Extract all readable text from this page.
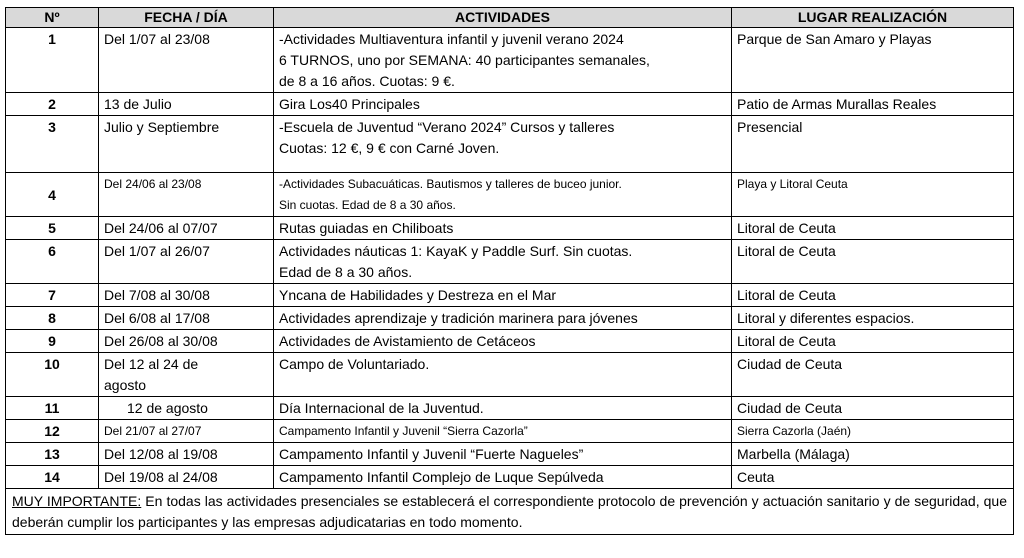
Nº	FECHA / DÍA	ACTIVIDADES	LUGAR REALIZACIÓN
1	Del 1/07 al 23/08	-Actividades Multiaventura infantil y juvenil verano 2024
6 TURNOS, uno por SEMANA: 40 participantes semanales,
de 8 a 16 años. Cuotas: 9 €.	Parque de San Amaro y Playas
2	13 de Julio	Gira Los40 Principales	Patio de Armas Murallas Reales
3	Julio y Septiembre	-Escuela de Juventud “Verano 2024” Cursos y talleres
Cuotas: 12 €, 9 € con Carné Joven.	Presencial
4	Del 24/06 al 23/08	-Actividades Subacuáticas. Bautismos y talleres de buceo junior.
Sin cuotas. Edad de 8 a 30 años.	Playa y Litoral Ceuta
5	Del 24/06 al 07/07	Rutas guiadas en Chiliboats	Litoral de Ceuta
6	Del 1/07 al 26/07	Actividades náuticas 1: KayaK y Paddle Surf. Sin cuotas.
Edad de 8 a 30 años.	Litoral de Ceuta
7	Del 7/08 al 30/08	Yncana de Habilidades y Destreza en el Mar	Litoral de Ceuta
8	Del 6/08 al 17/08	Actividades aprendizaje y tradición marinera para jóvenes	Litoral y diferentes espacios.
9	Del 26/08 al 30/08	Actividades de Avistamiento de Cetáceos	Litoral de Ceuta
10	Del 12 al 24 de agosto	Campo de Voluntariado.	Ciudad de Ceuta
11	12 de agosto	Día Internacional de la Juventud.	Ciudad de Ceuta
12	Del 21/07 al 27/07	Campamento Infantil y Juvenil “Sierra Cazorla”	Sierra Cazorla (Jaén)
13	Del 12/08 al 19/08	Campamento Infantil y Juvenil “Fuerte Nagueles”	Marbella (Málaga)
14	Del 19/08 al 24/08	Campamento Infantil Complejo de Luque Sepúlveda	Ceuta
MUY IMPORTANTE: En todas las actividades presenciales se establecerá el correspondiente protocolo de prevención y actuación sanitario y de seguridad, que deberán cumplir los participantes y las empresas adjudicatarias en todo momento.			
